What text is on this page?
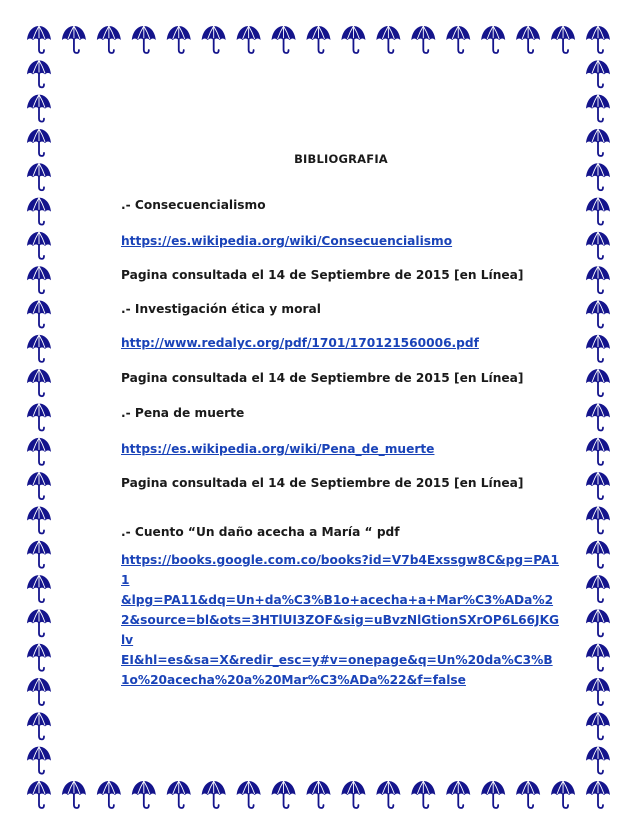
BIBLIOGRAFIA

.- Consecuencialismo

https://es.wikipedia.org/wiki/Consecuencialismo

Pagina consultada el 14 de Septiembre de 2015 [en Línea]

.- Investigación ética y moral

http://www.redalyc.org/pdf/1701/170121560006.pdf

Pagina consultada el 14 de Septiembre de 2015 [en Línea]

.- Pena de muerte

https://es.wikipedia.org/wiki/Pena_de_muerte

Pagina consultada el 14 de Septiembre de 2015 [en Línea]

.- Cuento “Un daño acecha a María “ pdf

https://books.google.com.co/books?id=V7b4Exssgw8C&pg=PA11
&lpg=PA11&dq=Un+da%C3%B1o+acecha+a+Mar%C3%ADa%2
2&source=bl&ots=3HTlUI3ZOF&sig=uBvzNlGtionSXrOP6L66JKGlv
EI&hl=es&sa=X&redir_esc=y#v=onepage&q=Un%20da%C3%B
1o%20acecha%20a%20Mar%C3%ADa%22&f=false
